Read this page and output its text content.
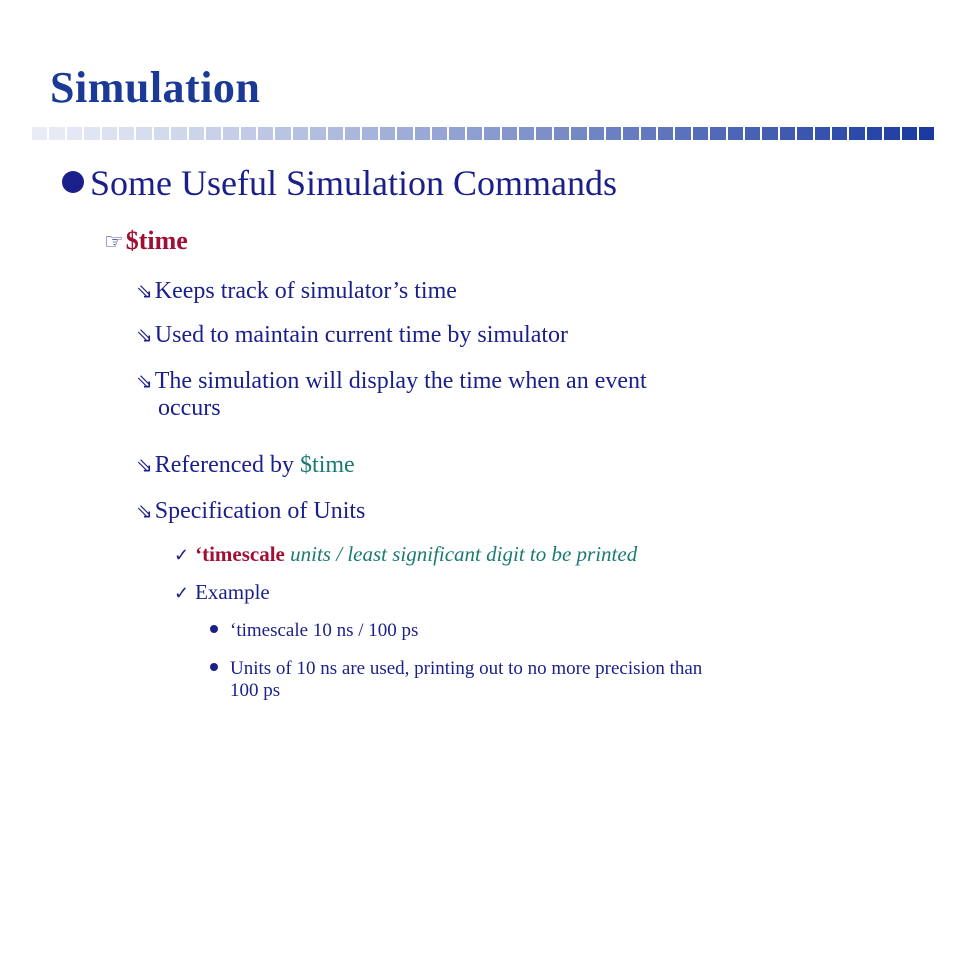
Simulation
Some Useful Simulation Commands
☞$time
⇘Keeps track of simulator’s time
⇘Used to maintain current time by simulator
⇘The simulation will display the time when an event
occurs
⇘Referenced by $time
⇘Specification of Units
✓ ‘timescale units / least significant digit to be printed
✓ Example
‘timescale 10 ns / 100 ps
Units of 10 ns are used, printing out to no more precision than
100 ps
